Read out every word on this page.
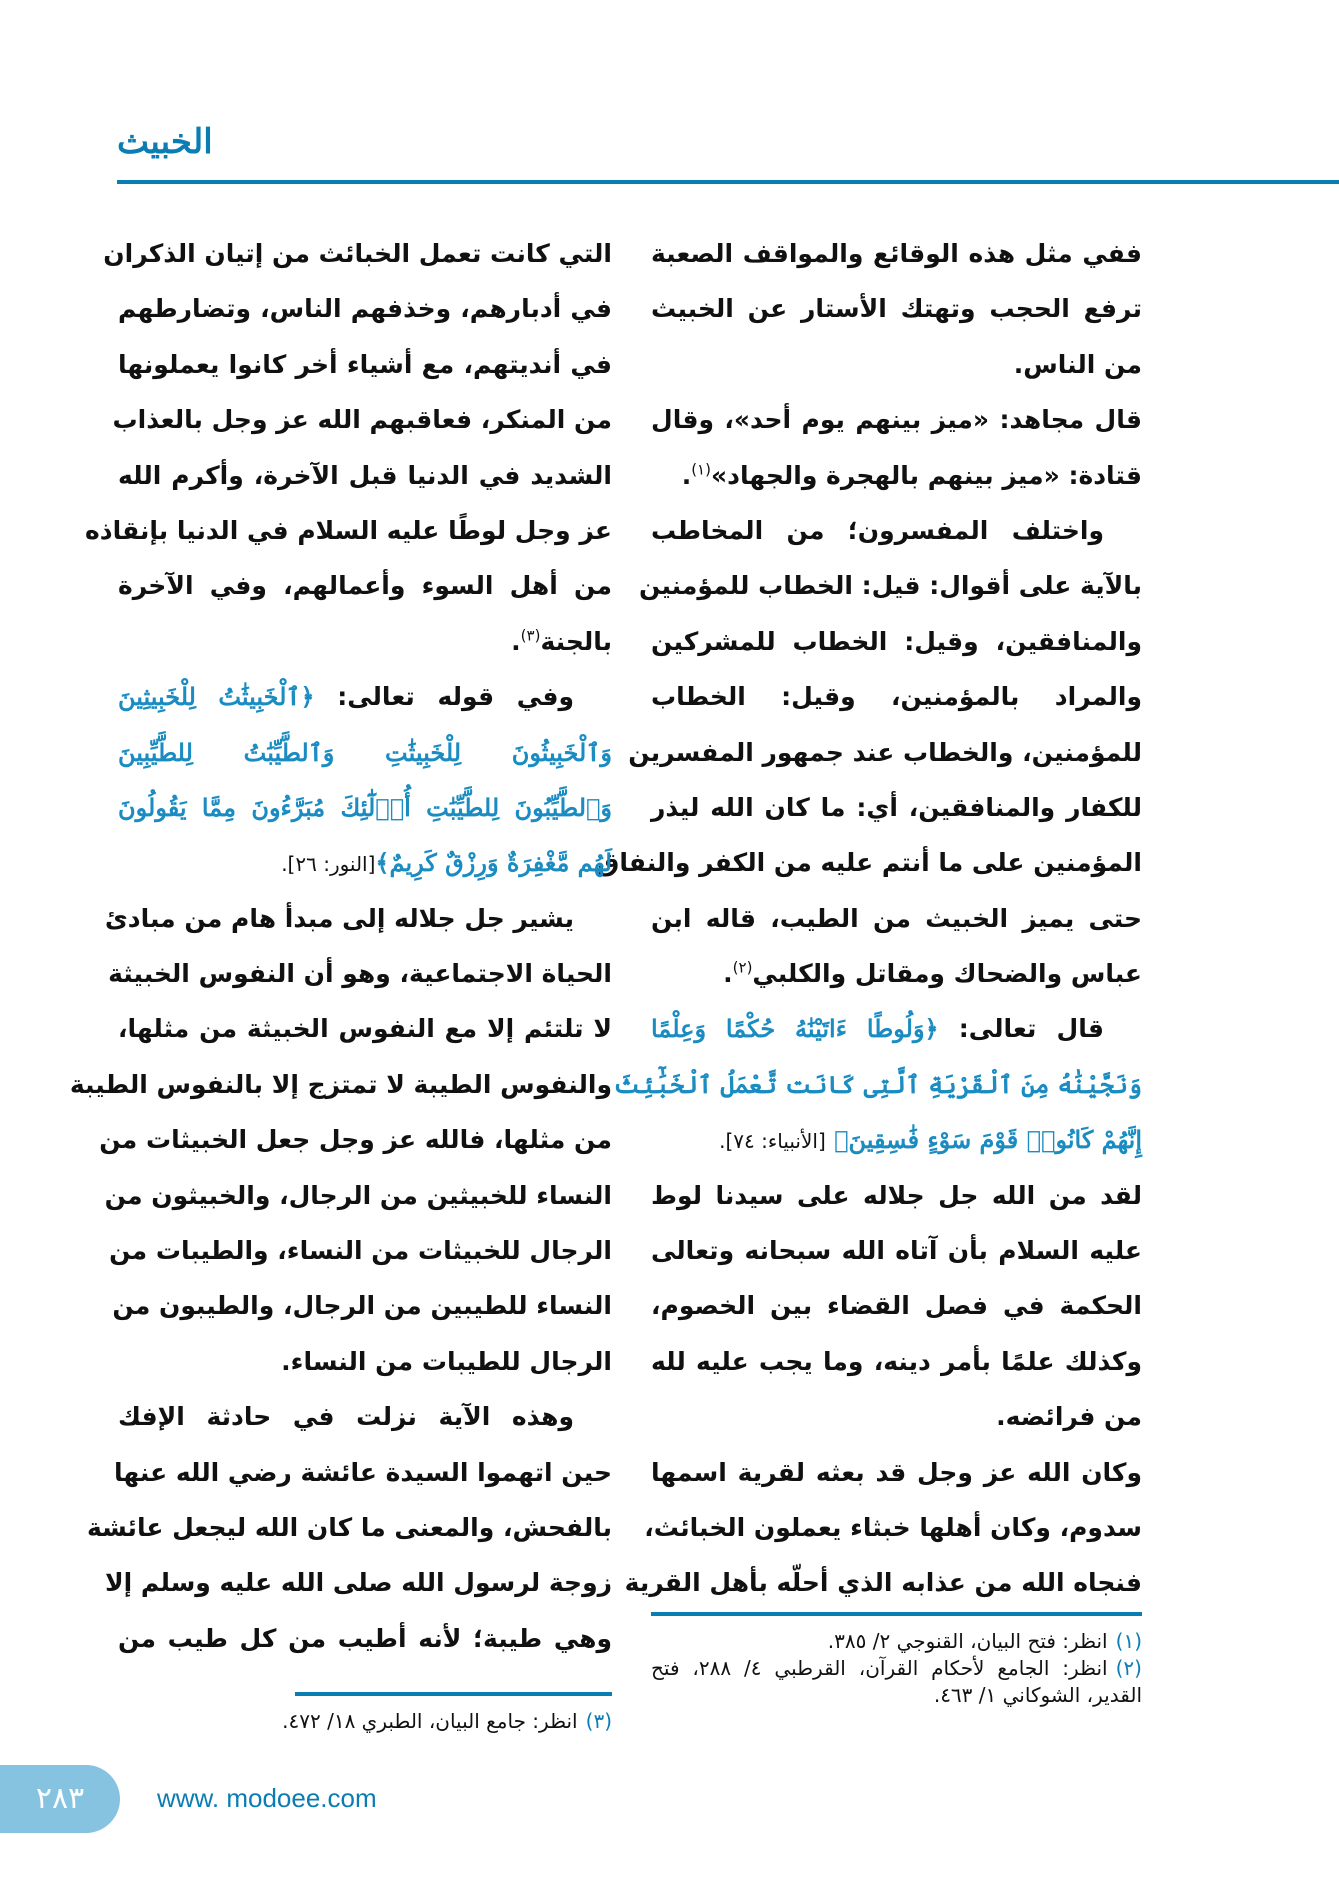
الخبيث
ففي مثل هذه الوقائع والمواقف الصعبة
ترفع الحجب وتهتك الأستار عن الخبيث
من الناس.
قال مجاهد: «ميز بينهم يوم أحد»، وقال
قتادة: «ميز بينهم بالهجرة والجهاد»$^{(١)}$.
واختلف المفسرون؛ من المخاطب
بالآية على أقوال: قيل: الخطاب للمؤمنين
والمنافقين، وقيل: الخطاب للمشركين
والمراد بالمؤمنين، وقيل: الخطاب
للمؤمنين، والخطاب عند جمهور المفسرين
للكفار والمنافقين، أي: ما كان الله ليذر
المؤمنين على ما أنتم عليه من الكفر والنفاق
حتى يميز الخبيث من الطيب، قاله ابن
عباس والضحاك ومقاتل والكلبي$^{(٢)}$.
قال تعالى: ﴿وَلُوطًا ءَاتَيْنَٰهُ حُكْمًا وَعِلْمًا
وَنَجَّيْنَٰهُ مِنَ ٱلْقَرْيَةِ ٱلَّتِى كَانَت تَّعْمَلُ ٱلْخَبَٰٓئِثَ
إِنَّهُمْ كَانُوا۟ قَوْمَ سَوْءٍ فَٰسِقِينَ﴾ [الأنبياء: ٧٤].
لقد من الله جل جلاله على سيدنا لوط
عليه السلام بأن آتاه الله سبحانه وتعالى
الحكمة في فصل القضاء بين الخصوم،
وكذلك علمًا بأمر دينه، وما يجب عليه لله
من فرائضه.
وكان الله عز وجل قد بعثه لقرية اسمها
سدوم، وكان أهلها خبثاء يعملون الخبائث،
فنجاه الله من عذابه الذي أحلّه بأهل القرية
التي كانت تعمل الخبائث من إتيان الذكران
في أدبارهم، وخذفهم الناس، وتضارطهم
في أنديتهم، مع أشياء أخر كانوا يعملونها
من المنكر، فعاقبهم الله عز وجل بالعذاب
الشديد في الدنيا قبل الآخرة، وأكرم الله
عز وجل لوطًا عليه السلام في الدنيا بإنقاذه
من أهل السوء وأعمالهم، وفي الآخرة
بالجنة$^{(٣)}$.
وفي قوله تعالى: ﴿ٱلْخَبِيثَٰتُ لِلْخَبِيثِينَ
وَٱلْخَبِيثُونَ لِلْخَبِيثَٰتِ وَٱلطَّيِّبَٰتُ لِلطَّيِّبِينَ
وَٱلطَّيِّبُونَ لِلطَّيِّبَٰتِ أُو۟لَٰٓئِكَ مُبَرَّءُونَ مِمَّا يَقُولُونَ
لَهُم مَّغْفِرَةٌ وَرِزْقٌ كَرِيمٌ﴾[النور: ٢٦].
يشير جل جلاله إلى مبدأ هام من مبادئ
الحياة الاجتماعية، وهو أن النفوس الخبيثة
لا تلتئم إلا مع النفوس الخبيثة من مثلها،
والنفوس الطيبة لا تمتزج إلا بالنفوس الطيبة
من مثلها، فالله عز وجل جعل الخبيثات من
النساء للخبيثين من الرجال، والخبيثون من
الرجال للخبيثات من النساء، والطيبات من
النساء للطيبين من الرجال، والطيبون من
الرجال للطيبات من النساء.
وهذه الآية نزلت في حادثة الإفك
حين اتهموا السيدة عائشة رضي الله عنها
بالفحش، والمعنى ما كان الله ليجعل عائشة
زوجة لرسول الله صلى الله عليه وسلم إلا
وهي طيبة؛ لأنه أطيب من كل طيب من	(١)انظر: فتح البيان، القنوجي ٢/ ٣٨٥.
(٢)انظر: الجامع لأحكام القرآن، القرطبي ٤/ ٢٨٨، فتح القدير، الشوكاني ١/ ٤٦٣.
(٣)انظر: جامع البيان، الطبري ١٨/ ٤٧٢.
٢٨٣	www. modoee.com
